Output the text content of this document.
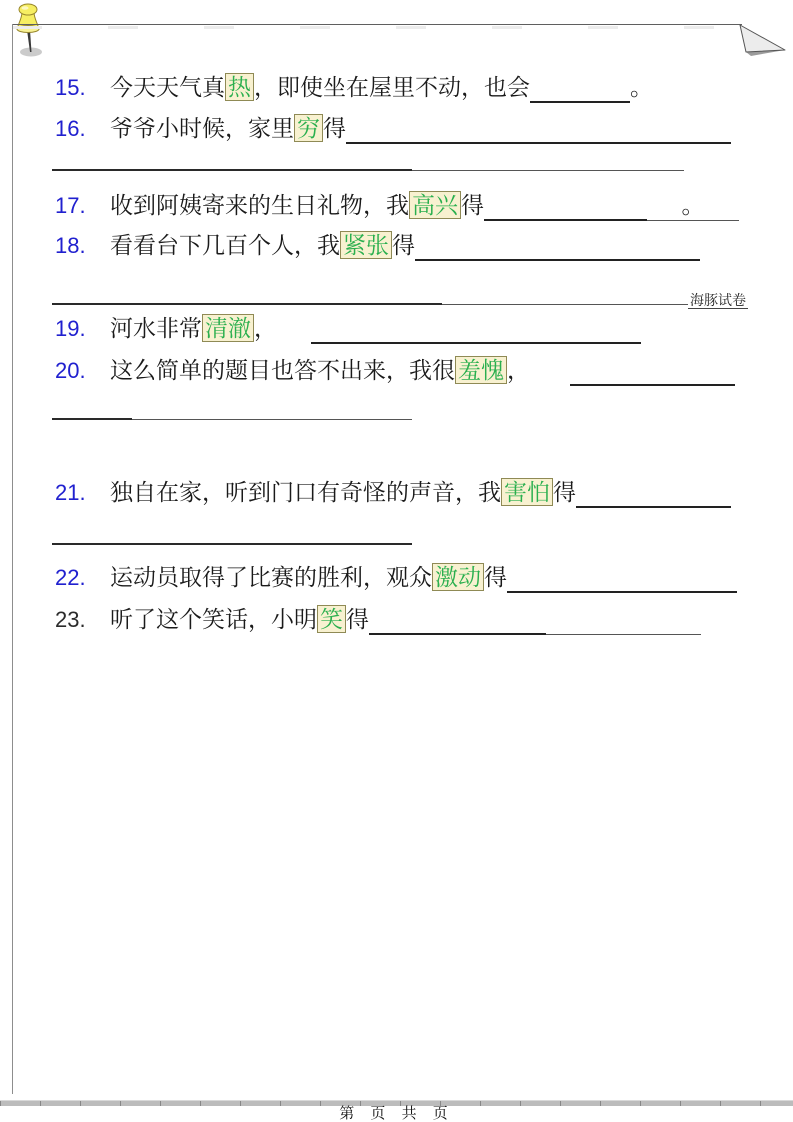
15. 今天天气真 热 ，即使坐在屋里不动，也会	。
16. 爷爷小时候，家里 穷 得
17. 收到阿姨寄来的生日礼物，我 高兴 得	。
18. 看看台下几百个人，我 紧张 得
海豚试卷
19. 河水非常 清澈 ，
20. 这么简单的题目也答不出来，我很 羞愧 ，
21. 独自在家，听到门口有奇怪的声音，我 害怕 得
22. 运动员取得了比赛的胜利，观众 激动 得
23. 听了这个笑话，小明 笑 得
第 页 共 页
